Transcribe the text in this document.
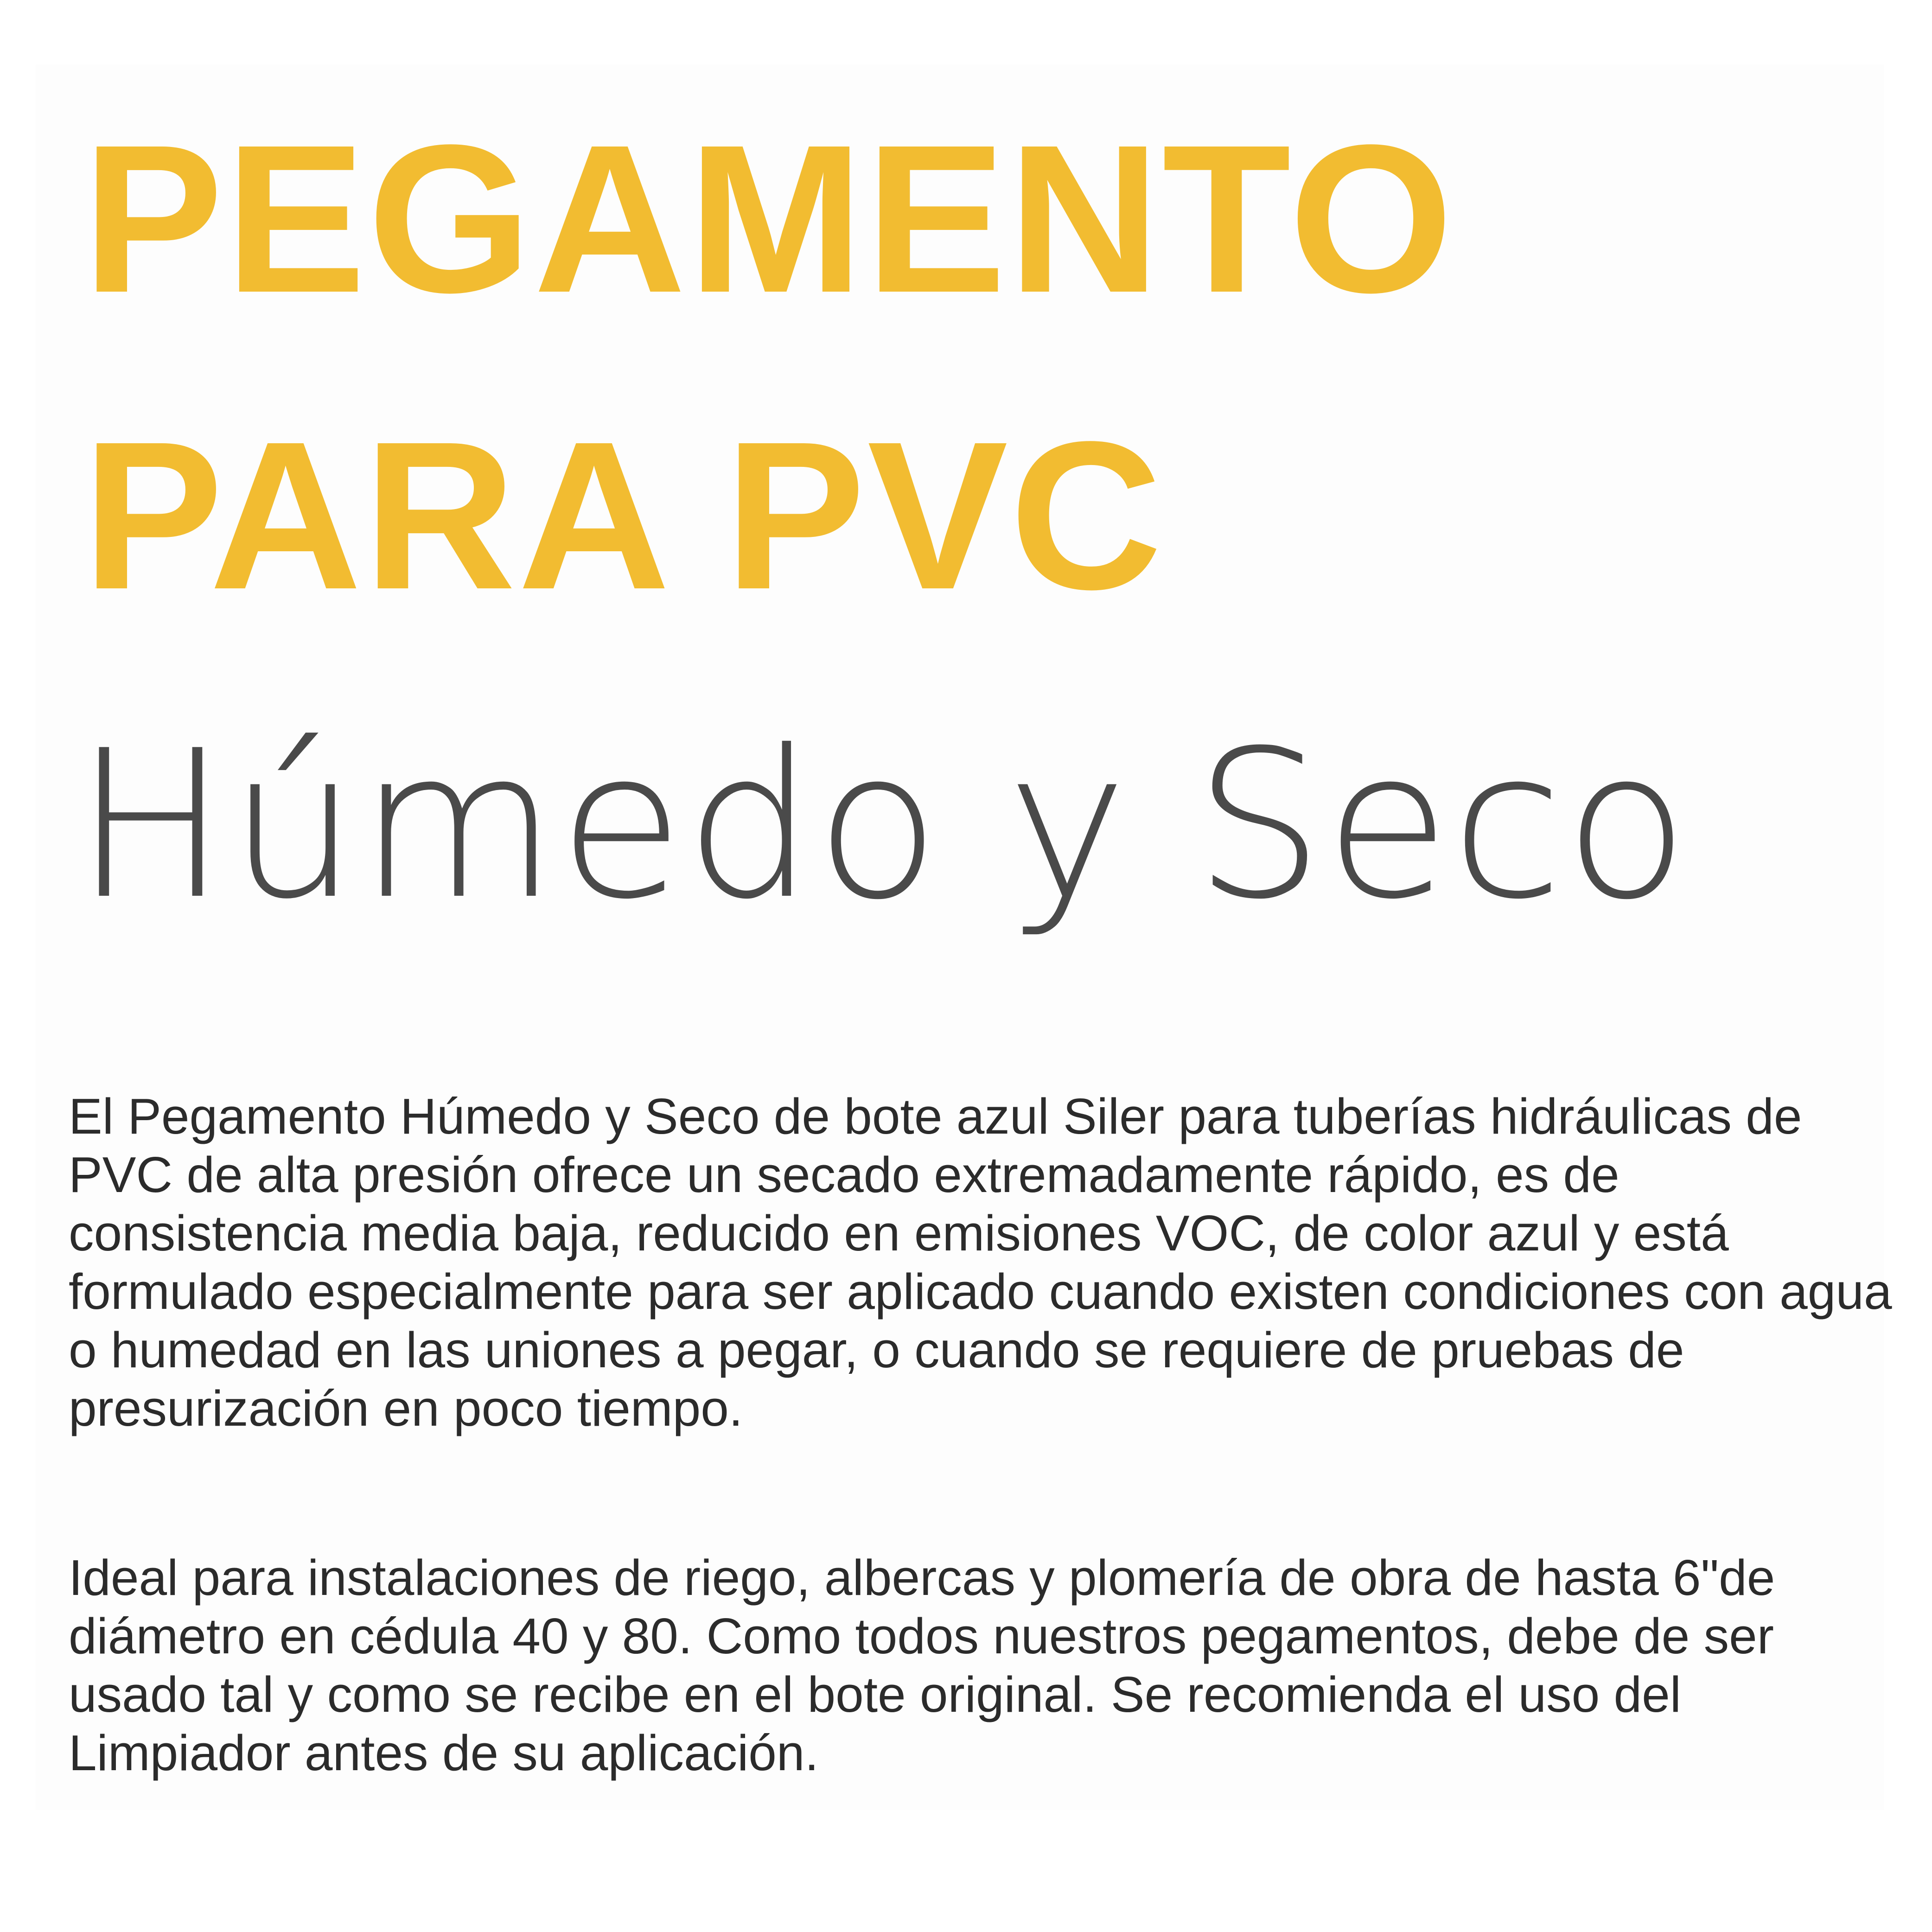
PEGAMENTO
PARA PVC
Húmedo y Seco

El Pegamento Húmedo y Seco de bote azul Siler para tuberías hidráulicas de PVC de alta presión ofrece un secado extremadamente rápido, es de consistencia media baja, reducido en emisiones VOC, de color azul y está formulado especialmente para ser aplicado cuando existen condiciones con agua o humedad en las uniones a pegar, o cuando se requiere de pruebas de presurización en poco tiempo.

Ideal para instalaciones de riego, albercas y plomería de obra de hasta 6"de diámetro en cédula 40 y 80. Como todos nuestros pegamentos, debe de ser usado tal y como se recibe en el bote original. Se recomienda el uso del Limpiador antes de su aplicación.
